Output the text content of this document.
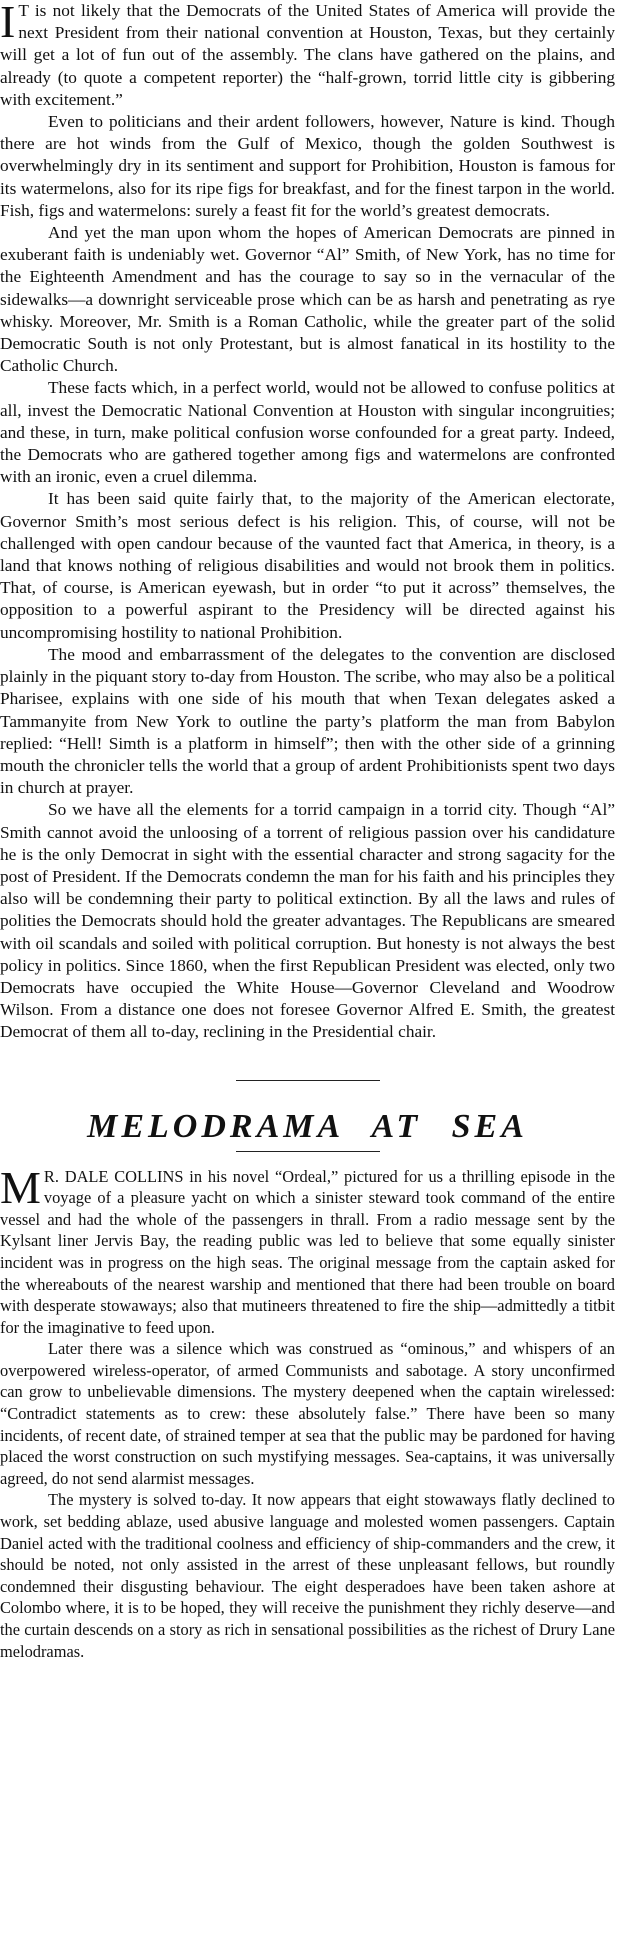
I T is not likely that the Democrats of the United States of America will provide the next President from their national convention at Houston, Texas, but they certainly will get a lot of fun out of the assembly. The clans have gathered on the plains, and already (to quote a competent reporter) the “half-grown, torrid little city is gibbering with excitement.”

Even to politicians and their ardent followers, however, Nature is kind. Though there are hot winds from the Gulf of Mexico, though the golden Southwest is overwhelmingly dry in its sentiment and support for Prohibition, Houston is famous for its watermelons, also for its ripe figs for breakfast, and for the finest tarpon in the world. Fish, figs and watermelons: surely a feast fit for the world’s greatest democrats.

And yet the man upon whom the hopes of American Democrats are pinned in exuberant faith is undeniably wet. Governor “Al” Smith, of New York, has no time for the Eighteenth Amendment and has the courage to say so in the vernacular of the sidewalks—a downright serviceable prose which can be as harsh and penetrating as rye whisky. Moreover, Mr. Smith is a Roman Catholic, while the greater part of the solid Democratic South is not only Protestant, but is almost fanatical in its hostility to the Catholic Church.

These facts which, in a perfect world, would not be allowed to confuse politics at all, invest the Democratic National Convention at Houston with singular incongruities; and these, in turn, make political confusion worse confounded for a great party. Indeed, the Democrats who are gathered together among figs and watermelons are confronted with an ironic, even a cruel dilemma.

It has been said quite fairly that, to the majority of the American electorate, Governor Smith’s most serious defect is his religion. This, of course, will not be challenged with open candour because of the vaunted fact that America, in theory, is a land that knows nothing of religious disabilities and would not brook them in politics. That, of course, is American eyewash, but in order “to put it across” themselves, the opposition to a powerful aspirant to the Presidency will be directed against his uncompromising hostility to national Prohibition.

The mood and embarrassment of the delegates to the convention are disclosed plainly in the piquant story to-day from Houston. The scribe, who may also be a political Pharisee, explains with one side of his mouth that when Texan delegates asked a Tammanyite from New York to outline the party’s platform the man from Babylon replied: “Hell! Simth is a platform in himself”; then with the other side of a grinning mouth the chronicler tells the world that a group of ardent Prohibitionists spent two days in church at prayer.

So we have all the elements for a torrid campaign in a torrid city. Though “Al” Smith cannot avoid the unloosing of a torrent of religious passion over his candidature he is the only Democrat in sight with the essential character and strong sagacity for the post of President. If the Democrats condemn the man for his faith and his principles they also will be condemning their party to political extinction. By all the laws and rules of polities the Democrats should hold the greater advantages. The Republicans are smeared with oil scandals and soiled with political corruption. But honesty is not always the best policy in politics. Since 1860, when the first Republican President was elected, only two Democrats have occupied the White House—Governor Cleveland and Woodrow Wilson. From a distance one does not foresee Governor Alfred E. Smith, the greatest Democrat of them all to-day, reclining in the Presidential chair.

MELODRAMA AT SEA

M R. DALE COLLINS in his novel “Ordeal,” pictured for us a thrilling episode in the voyage of a pleasure yacht on which a sinister steward took command of the entire vessel and had the whole of the passengers in thrall. From a radio message sent by the Kylsant liner Jervis Bay, the reading public was led to believe that some equally sinister incident was in progress on the high seas. The original message from the captain asked for the whereabouts of the nearest warship and mentioned that there had been trouble on board with desperate stowaways; also that mutineers threatened to fire the ship—admittedly a titbit for the imaginative to feed upon.

Later there was a silence which was construed as “ominous,” and whispers of an overpowered wireless-operator, of armed Communists and sabotage. A story unconfirmed can grow to unbelievable dimensions. The mystery deepened when the captain wirelessed: “Contradict statements as to crew: these absolutely false.” There have been so many incidents, of recent date, of strained temper at sea that the public may be pardoned for having placed the worst construction on such mystifying messages. Sea-captains, it was universally agreed, do not send alarmist messages.

The mystery is solved to-day. It now appears that eight stowaways flatly declined to work, set bedding ablaze, used abusive language and molested women passengers. Captain Daniel acted with the traditional coolness and efficiency of ship-commanders and the crew, it should be noted, not only assisted in the arrest of these unpleasant fellows, but roundly condemned their disgusting behaviour. The eight desperadoes have been taken ashore at Colombo where, it is to be hoped, they will receive the punishment they richly deserve—and the curtain descends on a story as rich in sensational possibilities as the richest of Drury Lane melodramas.
